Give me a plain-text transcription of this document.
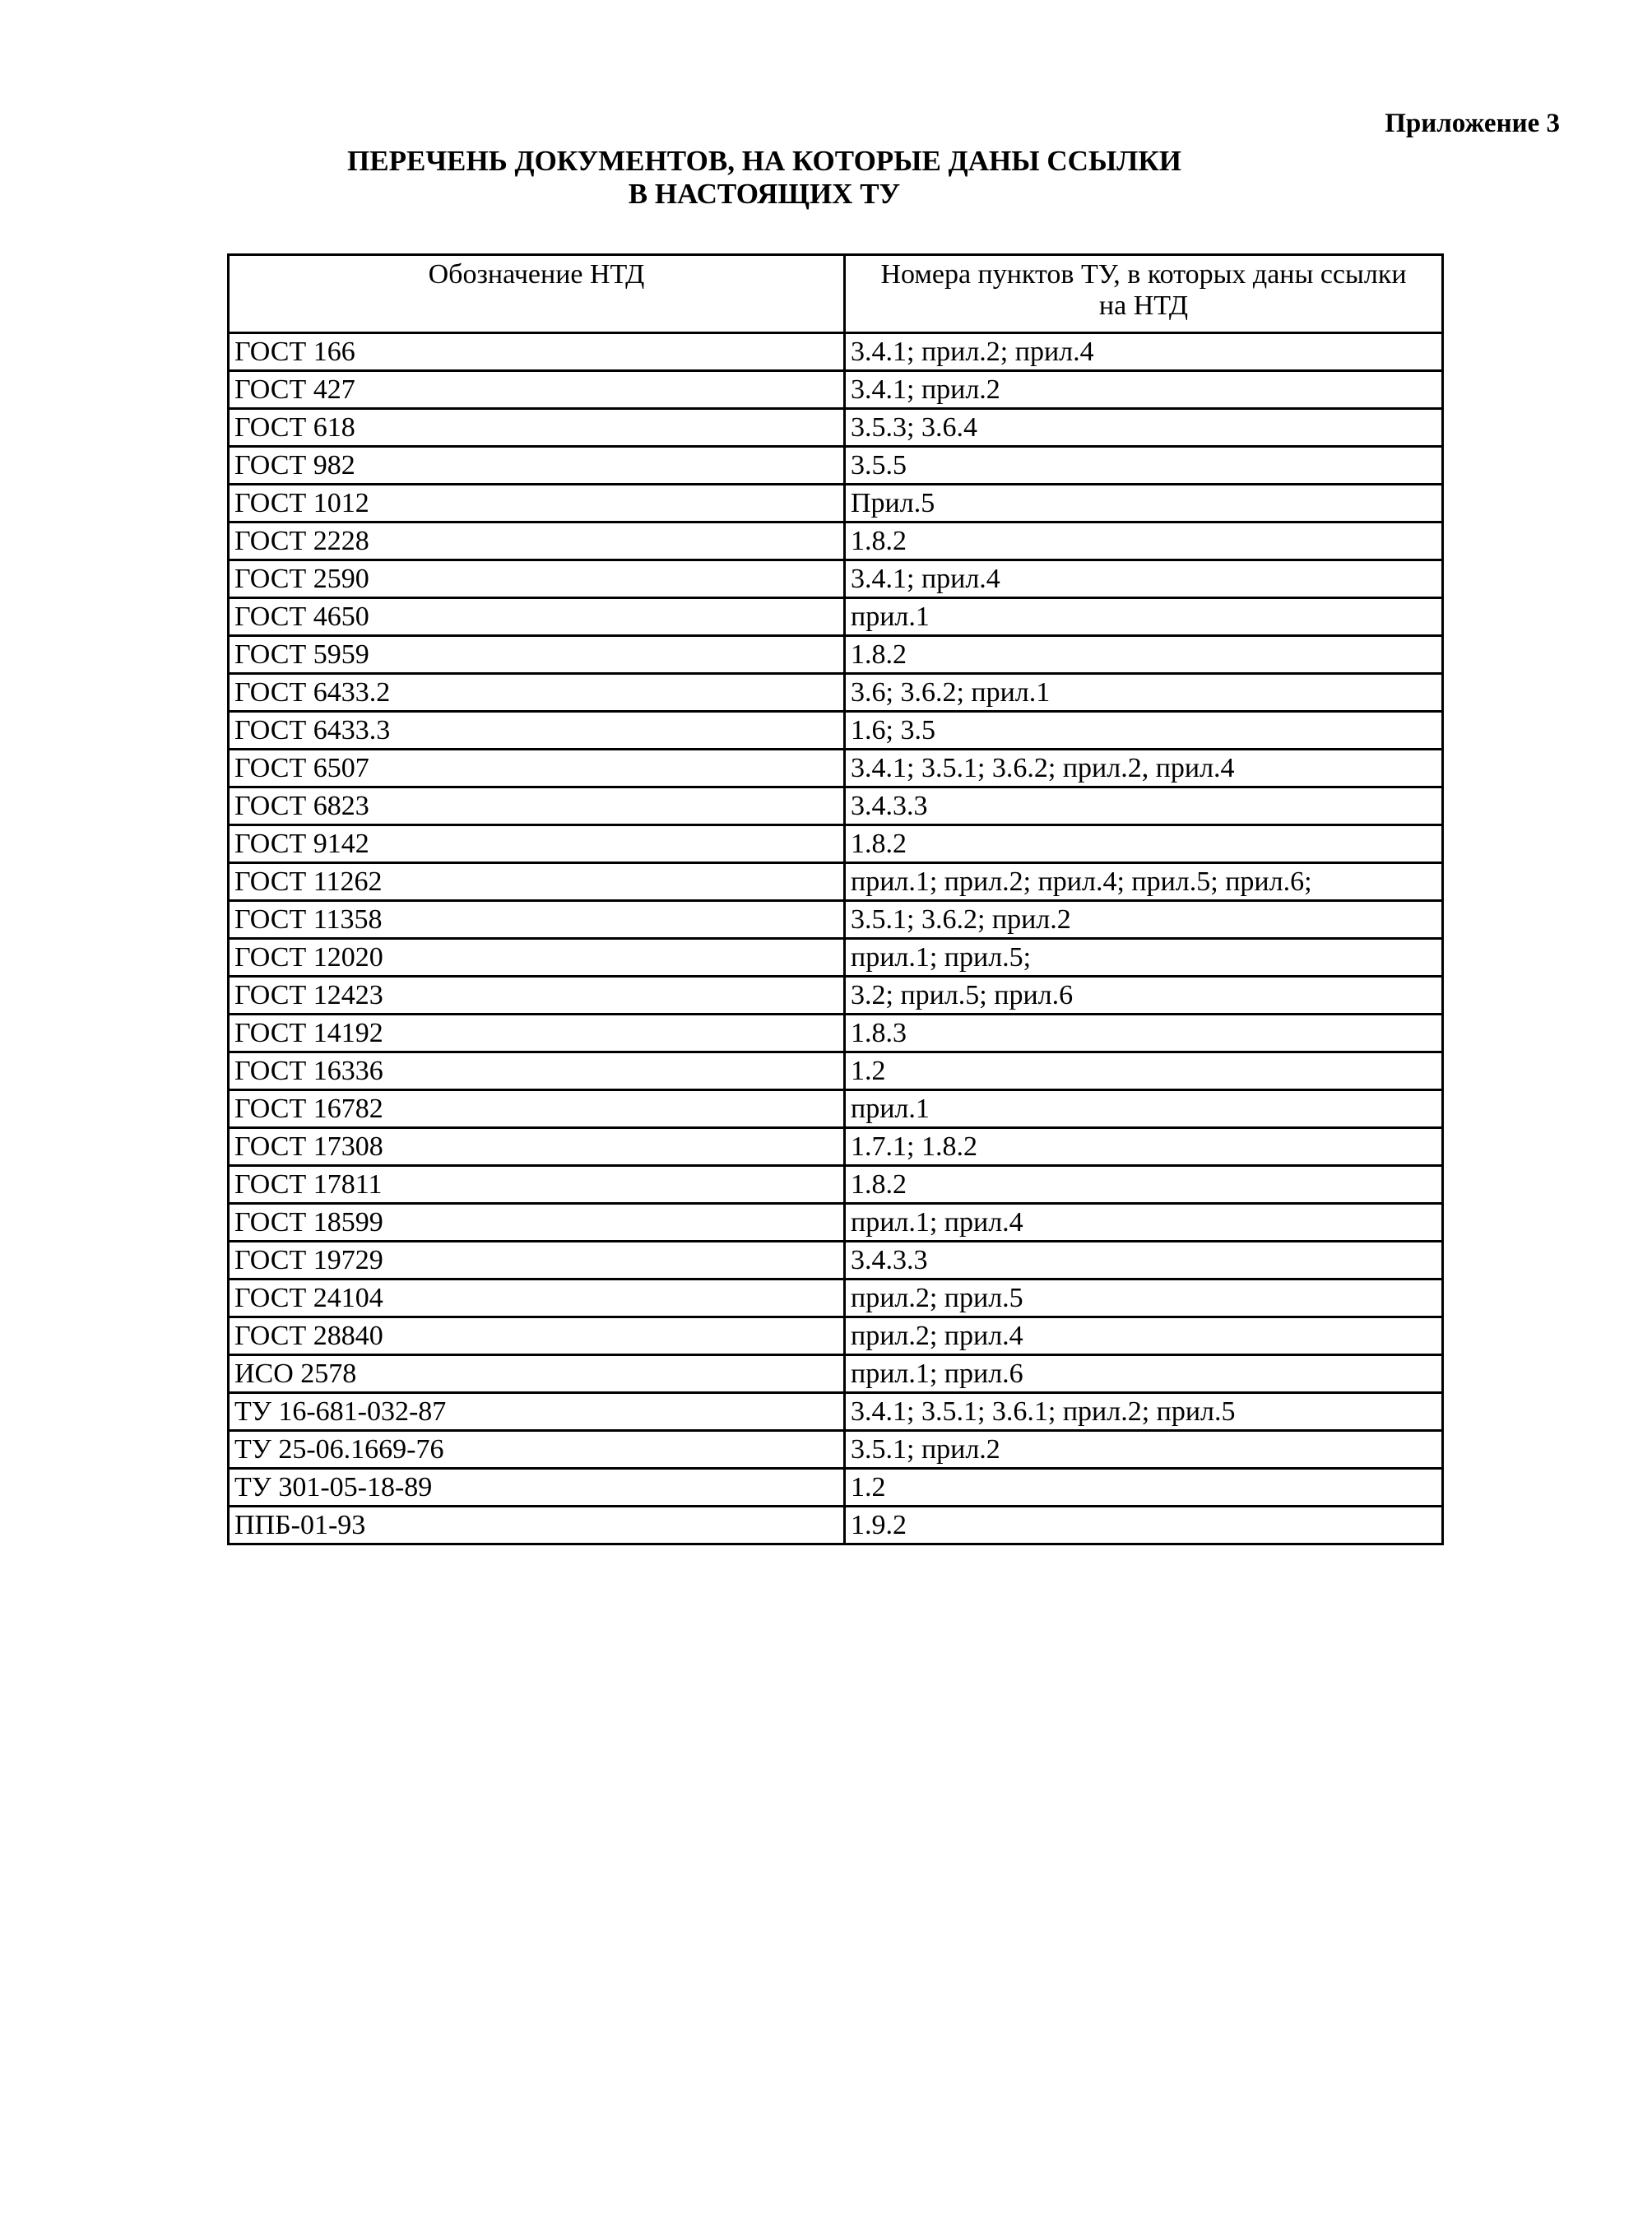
Приложение 3
ПЕРЕЧЕНЬ ДОКУМЕНТОВ, НА КОТОРЫЕ ДАНЫ ССЫЛКИ
В НАСТОЯЩИХ ТУ
Обозначение НТД	Номера пунктов ТУ, в которых даны ссылки на НТД
ГОСТ 166	3.4.1; прил.2; прил.4
ГОСТ 427	3.4.1; прил.2
ГОСТ 618	3.5.3; 3.6.4
ГОСТ 982	3.5.5
ГОСТ 1012	Прил.5
ГОСТ 2228	1.8.2
ГОСТ 2590	3.4.1; прил.4
ГОСТ 4650	прил.1
ГОСТ 5959	1.8.2
ГОСТ 6433.2	3.6; 3.6.2; прил.1
ГОСТ 6433.3	1.6; 3.5
ГОСТ 6507	3.4.1; 3.5.1; 3.6.2; прил.2, прил.4
ГОСТ 6823	3.4.3.3
ГОСТ 9142	1.8.2
ГОСТ 11262	прил.1; прил.2; прил.4; прил.5; прил.6;
ГОСТ 11358	3.5.1; 3.6.2; прил.2
ГОСТ 12020	прил.1; прил.5;
ГОСТ 12423	3.2; прил.5; прил.6
ГОСТ 14192	1.8.3
ГОСТ 16336	1.2
ГОСТ 16782	прил.1
ГОСТ 17308	1.7.1; 1.8.2
ГОСТ 17811	1.8.2
ГОСТ 18599	прил.1; прил.4
ГОСТ 19729	3.4.3.3
ГОСТ 24104	прил.2; прил.5
ГОСТ 28840	прил.2; прил.4
ИСО 2578	прил.1; прил.6
ТУ 16-681-032-87	3.4.1; 3.5.1; 3.6.1; прил.2; прил.5
ТУ 25-06.1669-76	3.5.1; прил.2
ТУ 301-05-18-89	1.2
ППБ-01-93	1.9.2
